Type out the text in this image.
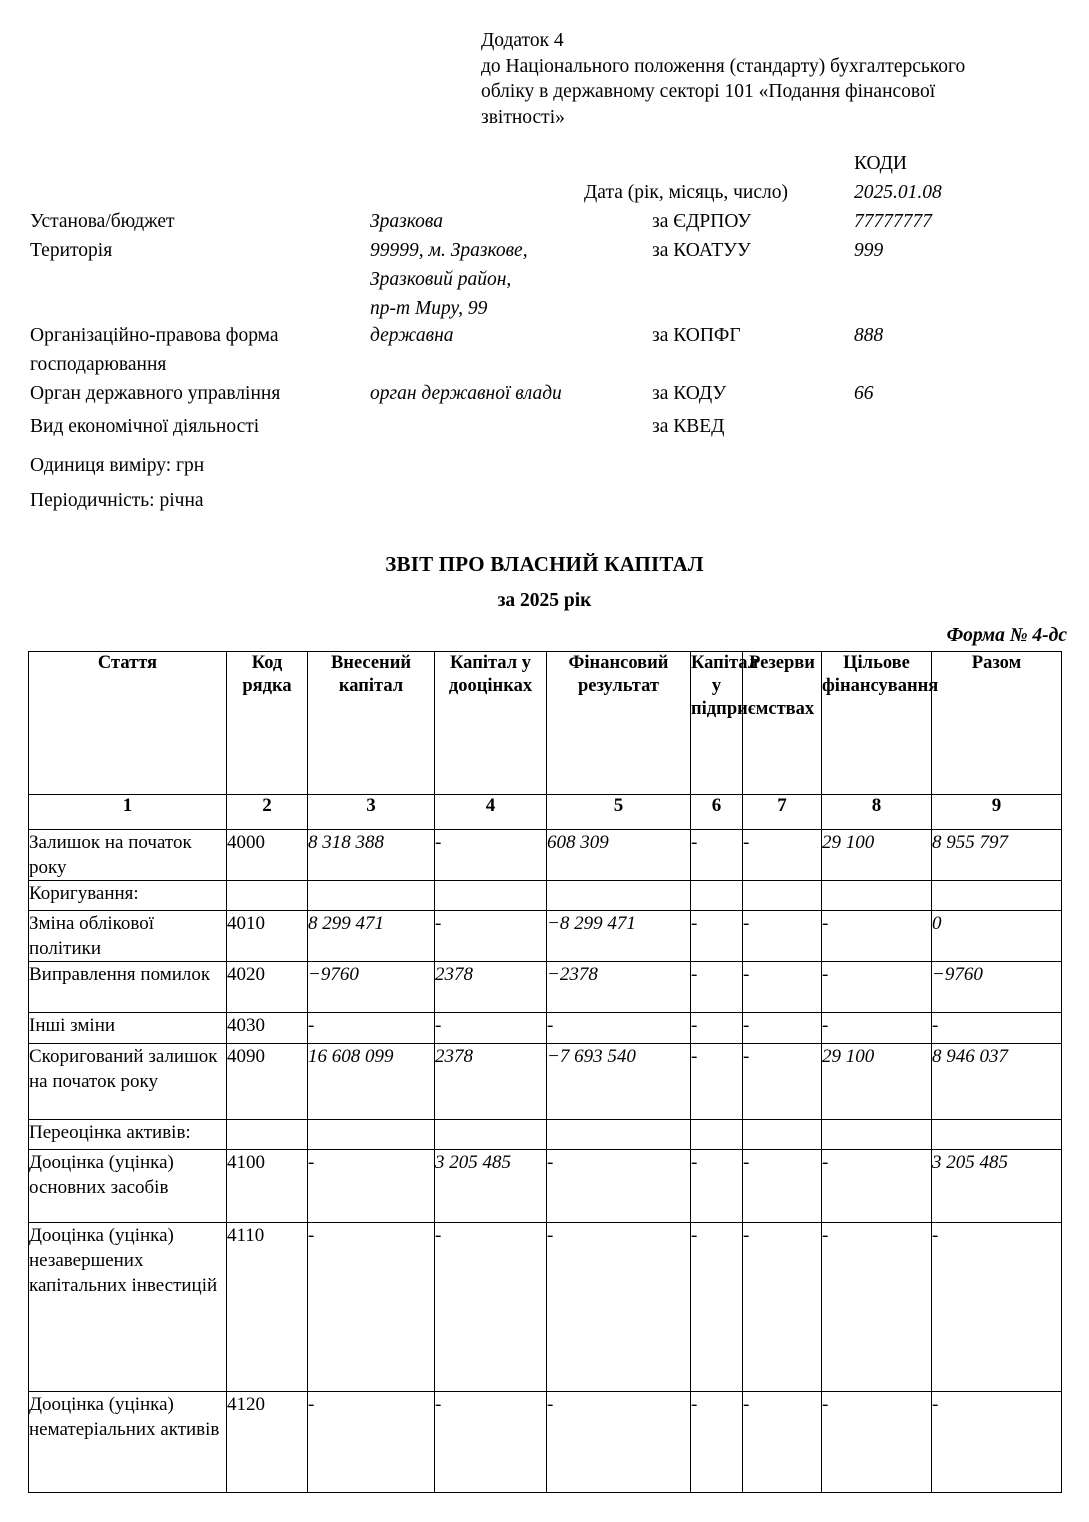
Додаток 4
до Національного положення (стандарту) бухгалтерського обліку в державному секторі 101 «Подання фінансової звітності»
КОДИ
Дата (рік, місяць, число)	2025.01.08
Установа/бюджет	Зразкова	за ЄДРПОУ	77777777
Територія	99999, м. Зразкове,	за КОАТУУ	999
Зразковий район,
пр-т Миру, 99
Організаційно-правова форма	державна	за КОПФГ	888
господарювання
Орган державного управління	орган державної влади	за КОДУ	66
Вид економічної діяльності	за КВЕД
Одиниця виміру: грн
Періодичність: річна
ЗВІТ ПРО ВЛАСНИЙ КАПІТАЛ
за 2025 рік
Форма № 4-дс
Стаття	Код рядка	Внесений капітал	Капітал у дооцінках	Фінансовий результат	Капітал у підприємствах	Резерви	Цільове фінансування	Разом
1	2	3	4	5	6	7	8	9
Залишок на початок року	4000	8 318 388	-	608 309	-	-	29 100	8 955 797
Коригування:								
Зміна облікової політики	4010	8 299 471	-	−8 299 471	-	-	-	0
Виправлення помилок	4020	−9760	2378	−2378	-	-	-	−9760
Інші зміни	4030	-	-	-	-	-	-	-
Скоригований залишок на початок року	4090	16 608 099	2378	−7 693 540	-	-	29 100	8 946 037
Переоцінка активів:								
Дооцінка (уцінка) основних засобів	4100	-	3 205 485	-	-	-	-	3 205 485
Дооцінка (уцінка) незавершених капітальних інвестицій	4110	-	-	-	-	-	-	-
Дооцінка (уцінка) нематеріальних активів	4120	-	-	-	-	-	-	-
